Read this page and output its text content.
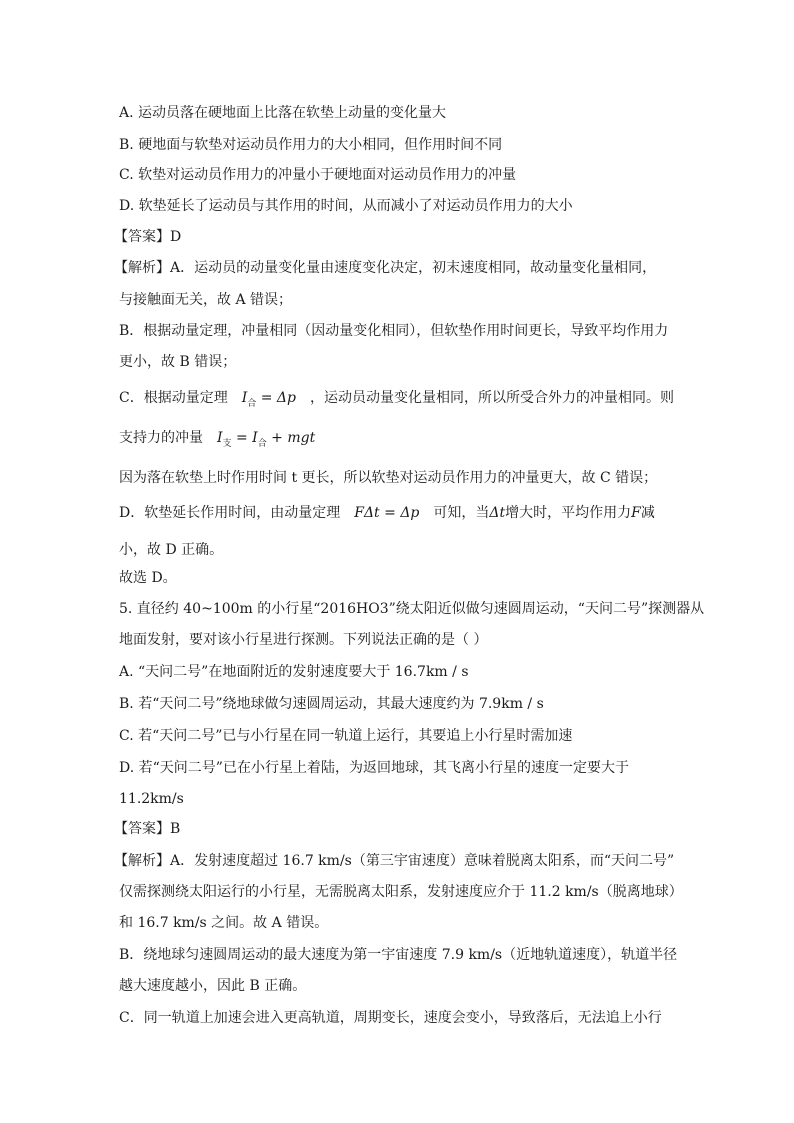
A. 运动员落在硬地面上比落在软垫上动量的变化量大
B. 硬地面与软垫对运动员作用力的大小相同，但作用时间不同
C. 软垫对运动员作用力的冲量小于硬地面对运动员作用力的冲量
D. 软垫延长了运动员与其作用的时间，从而减小了对运动员作用力的大小
【答案】D
【解析】A．运动员的动量变化量由速度变化决定，初末速度相同，故动量变化量相同，
与接触面无关，故 A 错误；
B．根据动量定理，冲量相同（因动量变化相同），但软垫作用时间更长，导致平均作用力
更小，故 B 错误；
C．根据动量定理 $I_合 = \Delta p$ ，运动员动量变化量相同，所以所受合外力的冲量相同。则
支持力的冲量 $I_支 = I_合$ + mgt
因为落在软垫上时作用时间 t 更长，所以软垫对运动员作用力的冲量更大，故 C 错误；
D．软垫延长作用时间，由动量定理 FΔt = Δp 可知，当Δt增大时，平均作用力F减
小，故 D 正确。
故选 D。
5. 直径约 40~100m 的小行星“2016HO3”绕太阳近似做匀速圆周运动，“天问二号”探测器从
地面发射，要对该小行星进行探测。下列说法正确的是（ ）
A. “天问二号”在地面附近的发射速度要大于 16.7km / s
B. 若“天问二号”绕地球做匀速圆周运动，其最大速度约为 7.9km / s
C. 若“天问二号”已与小行星在同一轨道上运行，其要追上小行星时需加速
D. 若“天问二号”已在小行星上着陆，为返回地球，其飞离小行星的速度一定要大于
11.2km/s
【答案】B
【解析】A．发射速度超过 16.7 km/s（第三宇宙速度）意味着脱离太阳系，而“天问二号”
仅需探测绕太阳运行的小行星，无需脱离太阳系，发射速度应介于 11.2 km/s（脱离地球）
和 16.7 km/s 之间。故 A 错误。
B．绕地球匀速圆周运动的最大速度为第一宇宙速度 7.9 km/s（近地轨道速度），轨道半径
越大速度越小，因此 B 正确。
C．同一轨道上加速会进入更高轨道，周期变长，速度会变小，导致落后，无法追上小行
